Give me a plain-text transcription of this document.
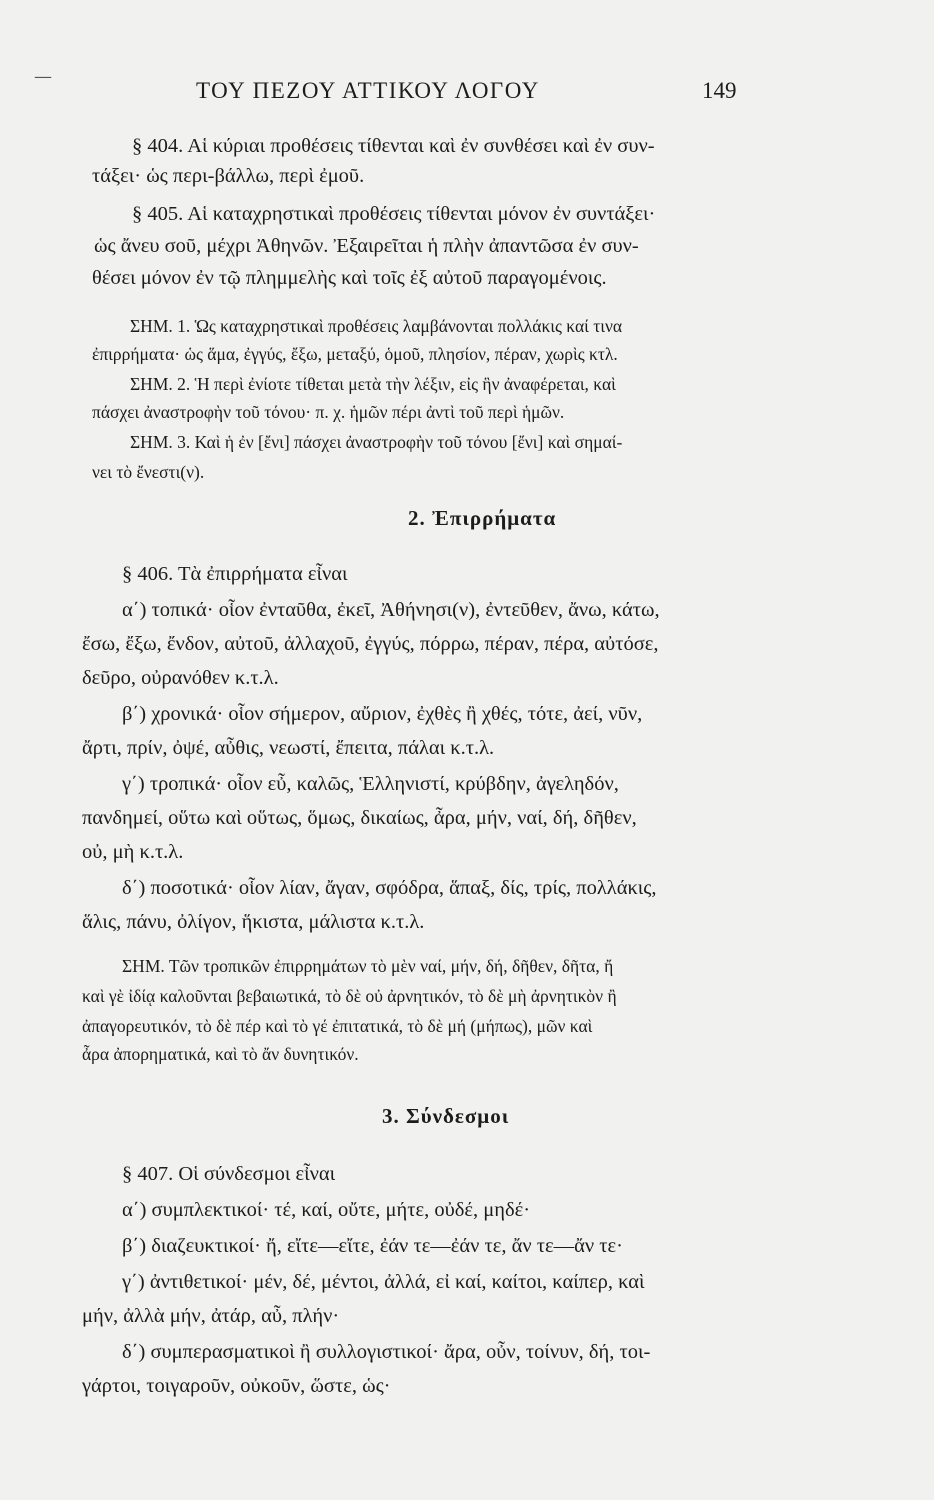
—
ΤΟΥ ΠΕΖΟΥ ΑΤΤΙΚΟΥ ΛΟΓΟΥ	149
§ 404. Αἱ κύριαι προθέσεις τίθενται καὶ ἐν συνθέσει καὶ ἐν συν-
τάξει· ὡς περι-βάλλω, περὶ ἐμοῦ.
§ 405. Αἱ καταχρηστικαὶ προθέσεις τίθενται μόνον ἐν συντάξει·
ὡς ἄνευ σοῦ, μέχρι Ἀθηνῶν. Ἐξαιρεῖται ἡ πλὴν ἀπαντῶσα ἐν συν-
θέσει μόνον ἐν τῷ πλημμελὴς καὶ τοῖς ἐξ αὐτοῦ παραγομένοις.
ΣΗΜ. 1. Ὡς καταχρηστικαὶ προθέσεις λαμβάνονται πολλάκις καί τινα
ἐπιρρήματα· ὡς ἅμα, ἐγγύς, ἔξω, μεταξύ, ὁμοῦ, πλησίον, πέραν, χωρὶς κτλ.
ΣΗΜ. 2. Ἡ περὶ ἐνίοτε τίθεται μετὰ τὴν λέξιν, εἰς ἣν ἀναφέρεται, καὶ
πάσχει ἀναστροφὴν τοῦ τόνου· π. χ. ἡμῶν πέρι ἀντὶ τοῦ περὶ ἡμῶν.
ΣΗΜ. 3. Καὶ ἡ ἐν [ἔνι] πάσχει ἀναστροφὴν τοῦ τόνου [ἔνι] καὶ σημαί-
νει τὸ ἔνεστι(ν).
2. Ἐπιρρήματα
§ 406. Τὰ ἐπιρρήματα εἶναι
α΄) τοπικά· οἷον ἐνταῦθα, ἐκεῖ, Ἀθήνησι(ν), ἐντεῦθεν, ἄνω, κάτω,
ἔσω, ἔξω, ἔνδον, αὐτοῦ, ἀλλαχοῦ, ἐγγύς, πόρρω, πέραν, πέρα, αὐτόσε,
δεῦρο, οὐρανόθεν κ.τ.λ.
β΄) χρονικά· οἷον σήμερον, αὔριον, ἐχθὲς ἢ χθές, τότε, ἀεί, νῦν,
ἄρτι, πρίν, ὀψέ, αὖθις, νεωστί, ἔπειτα, πάλαι κ.τ.λ.
γ΄) τροπικά· οἷον εὖ, καλῶς, Ἑλληνιστί, κρύβδην, ἀγεληδόν,
πανδημεί, οὕτω καὶ οὕτως, ὅμως, δικαίως, ἆρα, μήν, ναί, δή, δῆθεν,
οὐ, μὴ κ.τ.λ.
δ΄) ποσοτικά· οἷον λίαν, ἄγαν, σφόδρα, ἅπαξ, δίς, τρίς, πολλάκις,
ἅλις, πάνυ, ὀλίγον, ἥκιστα, μάλιστα κ.τ.λ.
ΣΗΜ. Τῶν τροπικῶν ἐπιρρημάτων τὸ μὲν ναί, μήν, δή, δῆθεν, δῆτα, ἤ
καὶ γὲ ἰδίᾳ καλοῦνται βεβαιωτικά, τὸ δὲ οὐ ἀρνητικόν, τὸ δὲ μὴ ἀρνητικὸν ἢ
ἀπαγορευτικόν, τὸ δὲ πέρ καὶ τὸ γέ ἐπιτατικά, τὸ δὲ μή (μήπως), μῶν καὶ
ἆρα ἀπορηματικά, καὶ τὸ ἄν δυνητικόν.
3. Σύνδεσμοι
§ 407. Οἱ σύνδεσμοι εἶναι
α΄) συμπλεκτικοί· τέ, καί, οὔτε, μήτε, οὐδέ, μηδέ·
β΄) διαζευκτικοί· ἤ, εἴτε—εἴτε, ἐάν τε—ἐάν τε, ἄν τε—ἄν τε·
γ΄) ἀντιθετικοί· μέν, δέ, μέντοι, ἀλλά, εἰ καί, καίτοι, καίπερ, καὶ
μήν, ἀλλὰ μήν, ἀτάρ, αὖ, πλήν·
δ΄) συμπερασματικοὶ ἢ συλλογιστικοί· ἄρα, οὖν, τοίνυν, δή, τοι-
γάρτοι, τοιγαροῦν, οὐκοῦν, ὥστε, ὡς·
